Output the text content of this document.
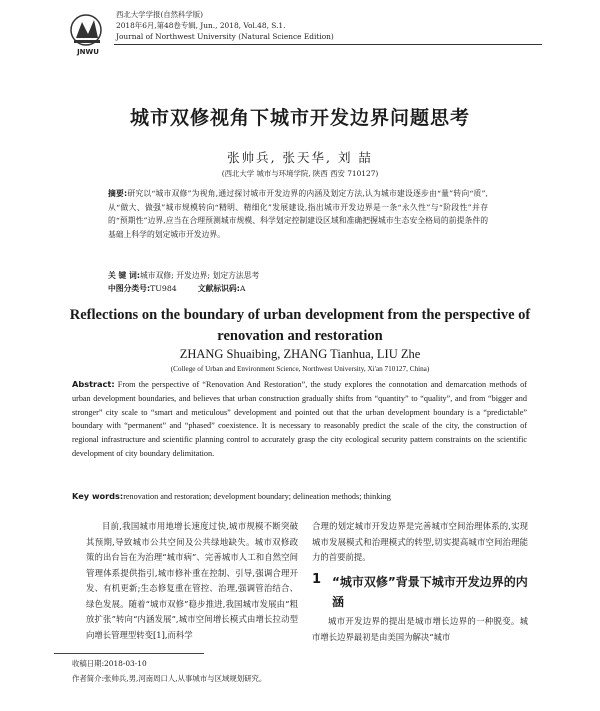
JNWU
西北大学学报(自然科学版)
2018年6月,第48卷专辑, Jun., 2018, Vol.48, S.1.
Journal of Northwest University (Natural Science Edition)
城市双修视角下城市开发边界问题思考
张帅兵, 张天华, 刘 喆
(西北大学 城市与环境学院, 陕西 西安 710127)
摘要:研究以“城市双修”为视角,通过探讨城市开发边界的内涵及划定方法,认为城市建设逐步由“量”转向“质”,从“做大、做强”城市规模转向“精明、精细化”发展建设,指出城市开发边界是一条“永久性”与“阶段性”并存的“预期性”边界,应当在合理预测城市规模、科学划定控制建设区域和准确把握城市生态安全格局的前提条件的基础上科学的划定城市开发边界。
关 键 词:城市双修; 开发边界; 划定方法思考
中图分类号:TU984	文献标识码:A
Reflections on the boundary of urban development from the perspective of renovation and restoration
ZHANG Shuaibing, ZHANG Tianhua, LIU Zhe
(College of Urban and Environment Science, Northwest University, Xi'an 710127, China)
Abstract: From the perspective of “Renovation And Restoration”, the study explores the connotation and demarcation methods of urban development boundaries, and believes that urban construction gradually shifts from “quantity” to “quality”, and from “bigger and stronger” city scale to “smart and meticulous” development and pointed out that the urban development boundary is a “predictable” boundary with “permanent” and “phased” coexistence. It is necessary to reasonably predict the scale of the city, the construction of regional infrastructure and scientific planning control to accurately grasp the city ecological security pattern constraints on the scientific development of city boundary delimitation.
Key words:renovation and restoration; development boundary; delineation methods; thinking
目前,我国城市用地增长速度过快,城市规模不断突破其预期,导致城市公共空间及公共绿地缺失。城市双修政策的出台旨在为治理“城市病”、完善城市人工和自然空间管理体系提供指引,城市修补重在控制、引导,强调合理开发、有机更新;生态修复重在管控、治理,强调管治结合、绿色发展。随着“城市双修”稳步推进,我国城市发展由“粗放扩张”转向“内涵发展”,城市空间增长模式由增长拉动型向增长管理型转变[1],而科学
合理的划定城市开发边界是完善城市空间治理体系的,实现城市发展模式和治理模式的转型,切实提高城市空间治理能力的首要前提。
1 “城市双修”背景下城市开发边界的内涵
城市开发边界的提出是城市增长边界的一种脱变。城市增长边界最初是由美国为解决“城市
收稿日期:2018-03-10
作者简介:张帅兵,男,河南周口人,从事城市与区域规划研究。
